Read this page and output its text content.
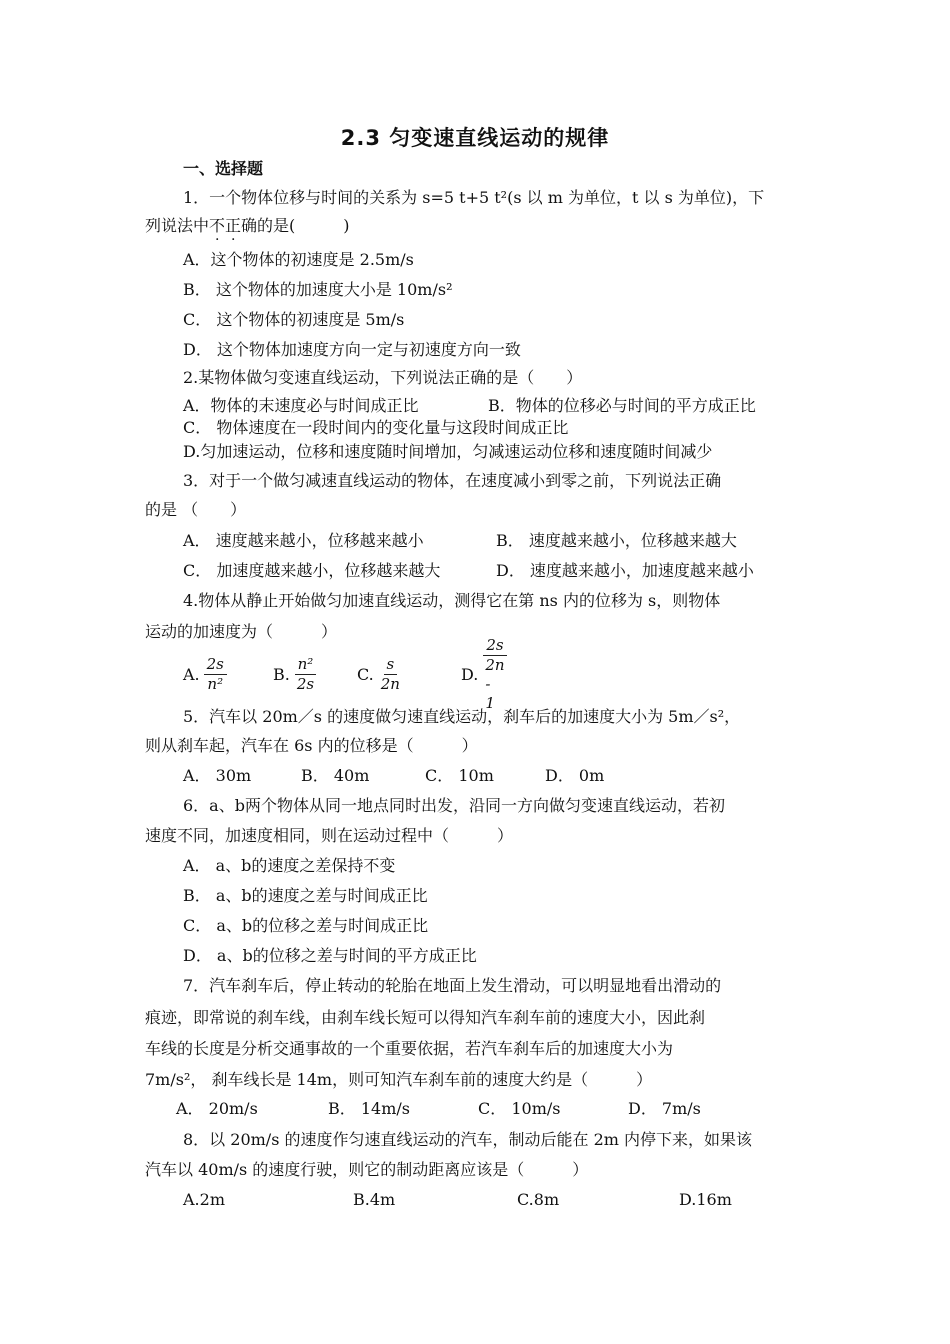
2.3 匀变速直线运动的规律
一、选择题
1．一个物体位移与时间的关系为 s=5 t+5 t²(s 以 m 为单位，t 以 s 为单位)，下
列说法中不正确的是(　　　)
A．这个物体的初速度是 2.5m/s
B． 这个物体的加速度大小是 10m/s²
C． 这个物体的初速度是 5m/s
D． 这个物体加速度方向一定与初速度方向一致
2.某物体做匀变速直线运动，下列说法正确的是（　　）
A．物体的末速度必与时间成正比	B．物体的位移必与时间的平方成正比
C． 物体速度在一段时间内的变化量与这段时间成正比
D.匀加速运动，位移和速度随时间增加，匀减速运动位移和速度随时间减少
3．对于一个做匀减速直线运动的物体，在速度减小到零之前，下列说法正确
的是 （　　）
A． 速度越来越小，位移越来越小	B． 速度越来越小，位移越来越大
C． 加速度越来越小，位移越来越大	D． 速度越来越小，加速度越来越小
4.物体从静止开始做匀加速直线运动，测得它在第 ns 内的位移为 s，则物体
运动的加速度为（　　　）
A. $\frac{2s}{\text{n²}}$	B. $\frac{\text{n²}}{2s} C$. $\frac{s}{2n}$	D. $\frac{2s}{2n - 1}$
5．汽车以 20m／s 的速度做匀速直线运动，刹车后的加速度大小为 5m／s²，
则从刹车起，汽车在 6s 内的位移是（　　　）
A． 30m	B． 40m	C． 10m	D． 0m
6．a、b两个物体从同一地点同时出发，沿同一方向做匀变速直线运动，若初
速度不同，加速度相同，则在运动过程中（　　　）
A． a、b的速度之差保持不变
B． a、b的速度之差与时间成正比
C． a、b的位移之差与时间成正比
D． a、b的位移之差与时间的平方成正比
7．汽车刹车后，停止转动的轮胎在地面上发生滑动，可以明显地看出滑动的
痕迹，即常说的刹车线，由刹车线长短可以得知汽车刹车前的速度大小，因此刹
车线的长度是分析交通事故的一个重要依据，若汽车刹车后的加速度大小为
7m/s²， 刹车线长是 14m，则可知汽车刹车前的速度大约是（　　　）
A． 20m/s	B． 14m/s	C． 10m/s	D． 7m/s
8．以 20m/s 的速度作匀速直线运动的汽车，制动后能在 2m 内停下来，如果该
汽车以 40m/s 的速度行驶，则它的制动距离应该是（　　　）
A.2m	B.4m	C.8m	D.16m
